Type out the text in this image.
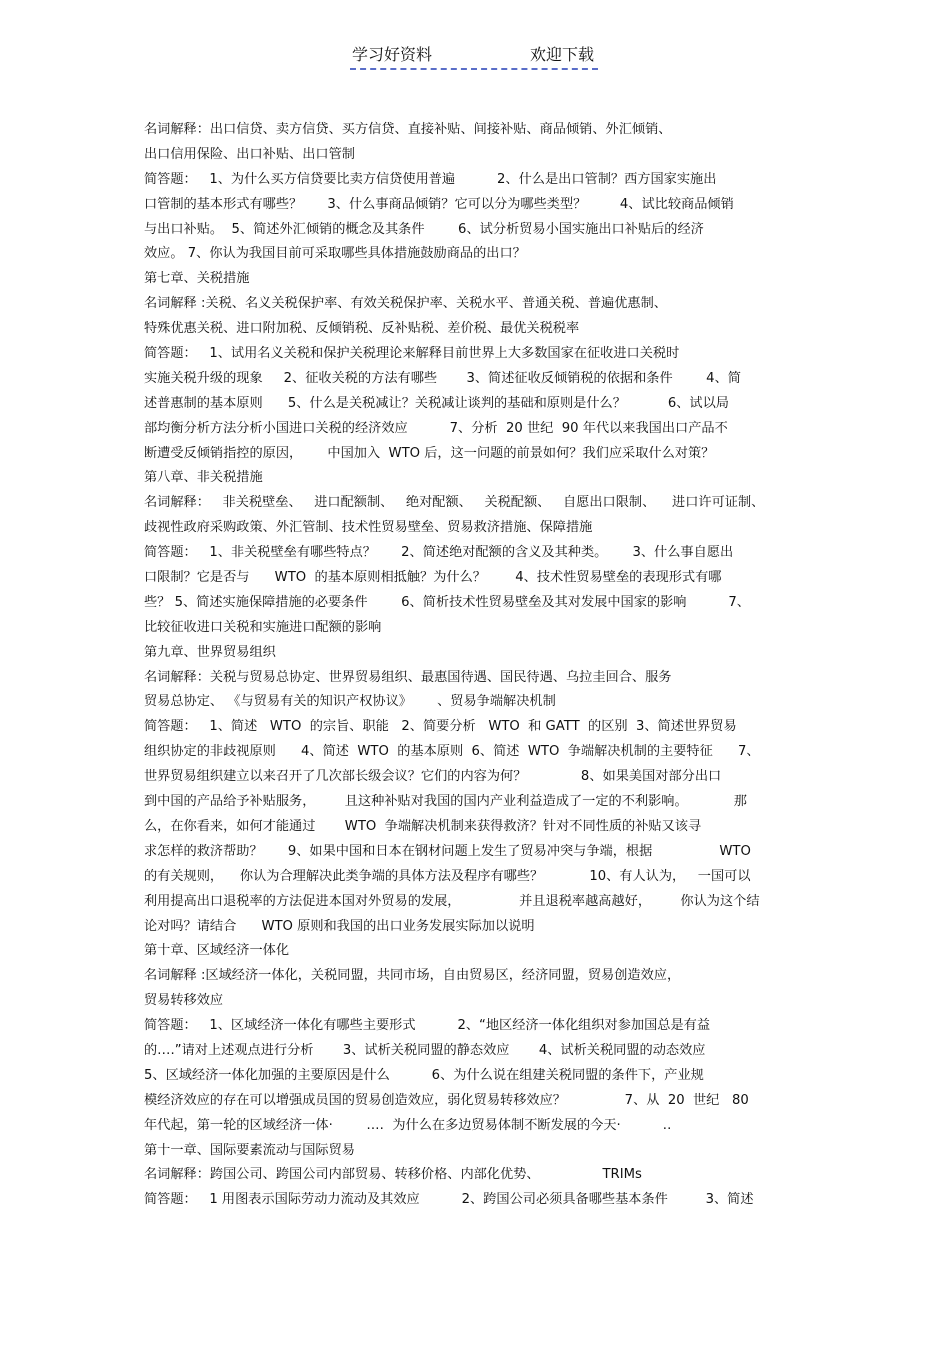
学习好资料	欢迎下载
名词解释：出口信贷、卖方信贷、买方信贷、直接补贴、间接补贴、商品倾销、外汇倾销、
出口信用保险、出口补贴、出口管制
简答题：   1、为什么买方信贷要比卖方信贷使用普遍          2、什么是出口管制？西方国家实施出
口管制的基本形式有哪些？      3、什么事商品倾销？它可以分为哪些类型？        4、试比较商品倾销
与出口补贴。  5、简述外汇倾销的概念及其条件        6、试分析贸易小国实施出口补贴后的经济
效应。 7、你认为我国目前可采取哪些具体措施鼓励商品的出口？
第七章、关税措施
名词解释 :关税、名义关税保护率、有效关税保护率、关税水平、普通关税、普遍优惠制、
特殊优惠关税、进口附加税、反倾销税、反补贴税、差价税、最优关税税率
简答题：   1、试用名义关税和保护关税理论来解释目前世界上大多数国家在征收进口关税时
实施关税升级的现象     2、征收关税的方法有哪些       3、简述征收反倾销税的依据和条件        4、简
述普惠制的基本原则      5、什么是关税减让？关税减让谈判的基础和原则是什么？          6、试以局
部均衡分析方法分析小国进口关税的经济效应          7、分析  20 世纪  90 年代以来我国出口产品不
断遭受反倾销指控的原因，      中国加入  WTO 后，这一问题的前景如何？我们应采取什么对策？
第八章、非关税措施
名词解释：   非关税壁垒、   进口配额制、   绝对配额、   关税配额、   自愿出口限制、    进口许可证制、
歧视性政府采购政策、外汇管制、技术性贸易壁垒、贸易救济措施、保障措施
简答题：   1、非关税壁垒有哪些特点？      2、简述绝对配额的含义及其种类。      3、什么事自愿出
口限制？它是否与      WTO  的基本原则相抵触？为什么？       4、技术性贸易壁垒的表现形式有哪
些？ 5、简述实施保障措施的必要条件        6、简析技术性贸易壁垒及其对发展中国家的影响          7、
比较征收进口关税和实施进口配额的影响
第九章、世界贸易组织
名词解释：关税与贸易总协定、世界贸易组织、最惠国待遇、国民待遇、乌拉圭回合、服务
贸易总协定、 《与贸易有关的知识产权协议》      、贸易争端解决机制
简答题：   1、简述   WTO  的宗旨、职能   2、简要分析   WTO  和 GATT  的区别  3、简述世界贸易
组织协定的非歧视原则      4、简述  WTO  的基本原则  6、简述  WTO  争端解决机制的主要特征      7、
世界贸易组织建立以来召开了几次部长级会议？它们的内容为何？             8、如果美国对部分出口
到中国的产品给予补贴服务，       且这种补贴对我国的国内产业利益造成了一定的不利影响。           那
么，在你看来，如何才能通过       WTO  争端解决机制来获得救济？针对不同性质的补贴又该寻
求怎样的救济帮助？      9、如果中国和日本在钢材问题上发生了贸易冲突与争端，根据                WTO
的有关规则，    你认为合理解决此类争端的具体方法及程序有哪些？           10、有人认为，   一国可以
利用提高出口退税率的方法促进本国对外贸易的发展，              并且退税率越高越好，       你认为这个结
论对吗？请结合      WTO 原则和我国的出口业务发展实际加以说明
第十章、区域经济一体化
名词解释 :区域经济一体化，关税同盟，共同市场，自由贸易区，经济同盟，贸易创造效应，
贸易转移效应
简答题：   1、区域经济一体化有哪些主要形式          2、“地区经济一体化组织对参加国总是有益
的‥‥”请对上述观点进行分析       3、试析关税同盟的静态效应       4、试析关税同盟的动态效应
5、区域经济一体化加强的主要原因是什么          6、为什么说在组建关税同盟的条件下，产业规
模经济效应的存在可以增强成员国的贸易创造效应，弱化贸易转移效应？              7、从  20  世纪   80
年代起，第一轮的区域经济一体·        ‥‥  为什么在多边贸易体制不断发展的今天·          ‥
第十一章、国际要素流动与国际贸易
名词解释：跨国公司、跨国公司内部贸易、转移价格、内部化优势、               TRIMs
简答题：   1 用图表示国际劳动力流动及其效应          2、跨国公司必须具备哪些基本条件         3、简述
